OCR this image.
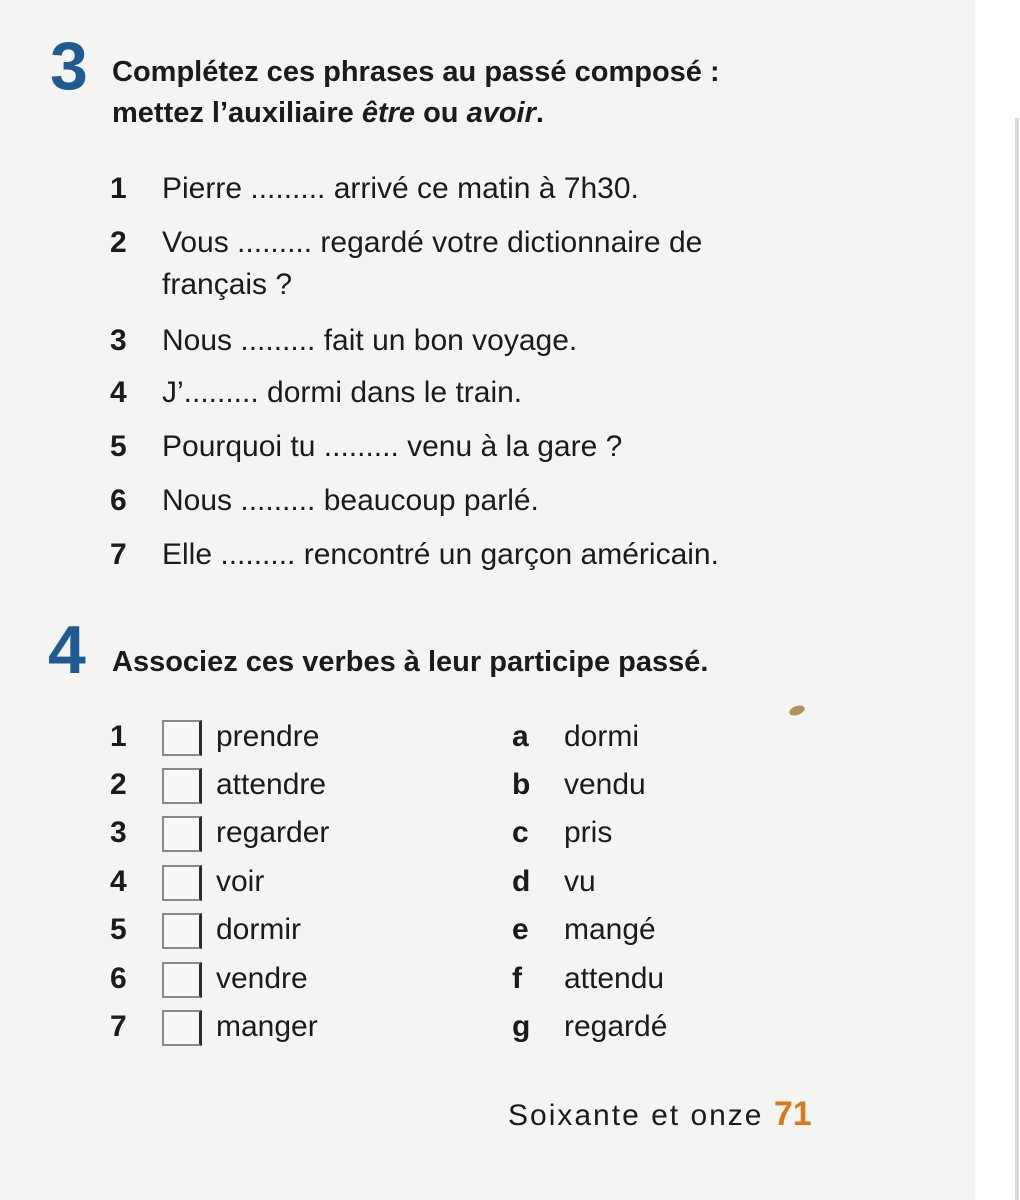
3 Complétez ces phrases au passé composé :
mettez l’auxiliaire être ou avoir.
1 Pierre ......... arrivé ce matin à 7h30.
2 Vous ......... regardé votre dictionnaire de
français ?
3 Nous ......... fait un bon voyage.
4 J’......... dormi dans le train.
5 Pourquoi tu ......... venu à la gare ?
6 Nous ......... beaucoup parlé.
7 Elle ......... rencontré un garçon américain.
4 Associez ces verbes à leur participe passé.
1	prendre	a dormi
2	attendre	b vendu
3	regarder	c pris
4	voir	d vu
5	dormir	e mangé
6	vendre	f attendu
7	manger	g regardé
Soixante et onze 71
